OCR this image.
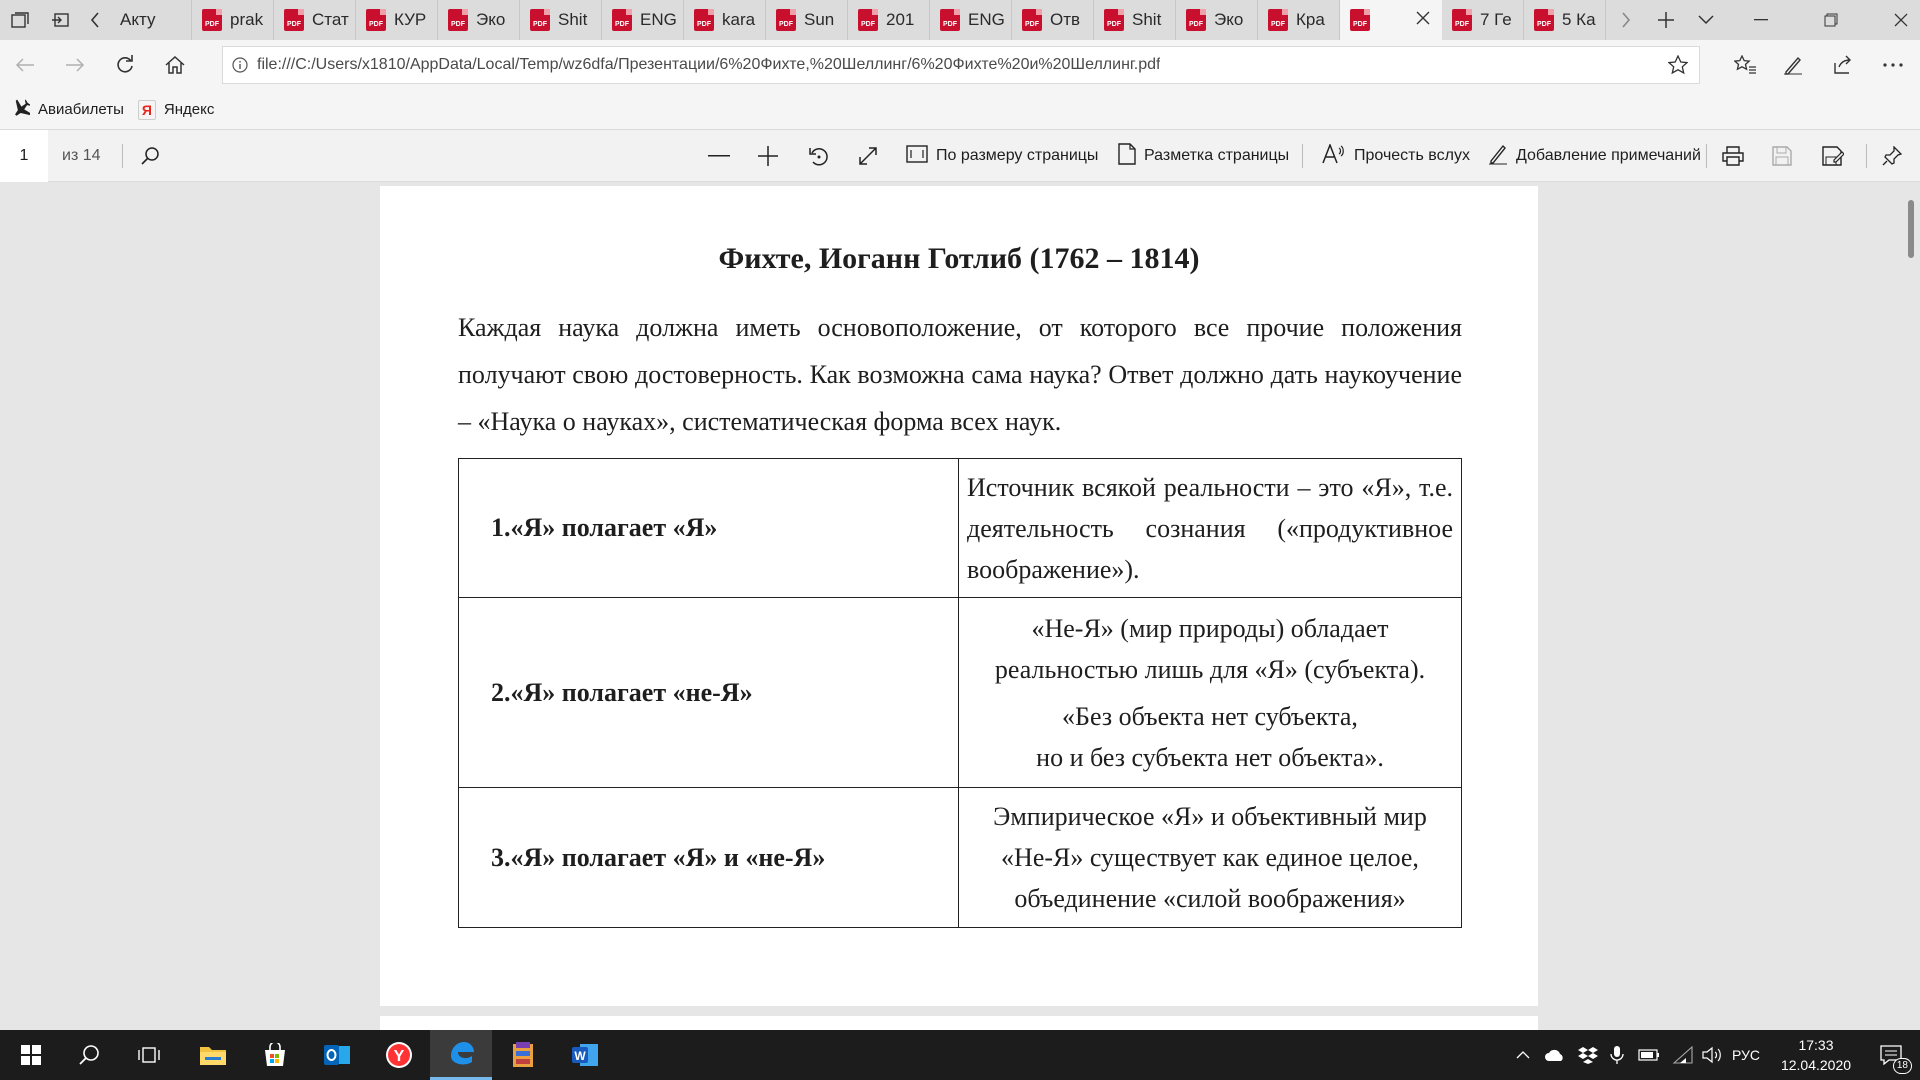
Акту	PDF prak	PDF Стат	PDF КУР	PDF Эко	PDF Shit	PDF ENG	PDF kara	PDF Sun	PDF 201	PDF ENG	PDF Отв	PDF Shit	PDF Эко	PDF Кра	PDF	PDF 7 Ге	PDF 5 Ка
file:///C:/Users/x1810/AppData/Local/Temp/wz6dfa/Презентации/6%20Фихте,%20Шеллинг/6%20Фихте%20и%20Шеллинг.pdf
Авиабилеты Я Яндекс
1 из 14	По размеру страницы	Разметка страницы	Прочесть вслух	Добавление примечаний
Фихте, Иоганн Готлиб (1762 – 1814)

Каждая наука должна иметь основоположение, от которого все прочие положения получают свою достоверность. Как возможна сама наука? Ответ должно дать наукоучение – «Наука о науках», систематическая форма всех наук.

1.«Я» полагает «Я»	Источник всякой реальности – это «Я», т.е. деятельность сознания («продуктивное воображение»).
2.«Я» полагает «не-Я»	«Не-Я» (мир природы) обладает реальностью лишь для «Я» (субъекта).
«Без объекта нет субъекта,
но и без субъекта нет объекта».

3.«Я» полагает «Я» и «не-Я»	Эмпирическое «Я» и объективный мир «Не-Я» существует как единое целое, объединение «силой воображения»
Y	W	РУС
17:33
12.04.2020	18
